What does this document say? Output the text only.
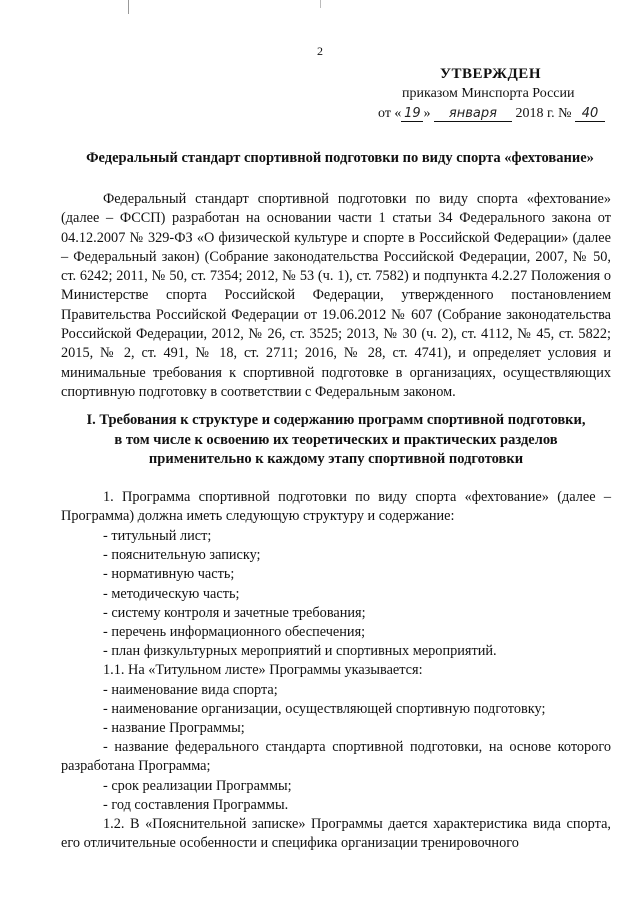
2
УТВЕРЖДЕН
приказом Минспорта России
от « 19 » января 2018 г. № 40
Федеральный стандарт спортивной подготовки по виду спорта «фехтование»

Федеральный стандарт спортивной подготовки по виду спорта «фехтование» (далее – ФССП) разработан на основании части 1 статьи 34 Федерального закона от 04.12.2007 № 329-ФЗ «О физической культуре и спорте в Российской Федерации» (далее – Федеральный закон) (Собрание законодательства Российской Федерации, 2007, № 50, ст. 6242; 2011, № 50, ст. 7354; 2012, № 53 (ч. 1), ст. 7582) и подпункта 4.2.27 Положения о Министерстве спорта Российской Федерации, утвержденного постановлением Правительства Российской Федерации от 19.06.2012 № 607 (Собрание законодательства Российской Федерации, 2012, № 26, ст. 3525; 2013, № 30 (ч. 2), ст. 4112, № 45, ст. 5822; 2015, № 2, ст. 491, № 18, ст. 2711; 2016, № 28, ст. 4741), и определяет условия и минимальные требования к спортивной подготовке в организациях, осуществляющих спортивную подготовку в соответствии с Федеральным законом.

I. Требования к структуре и содержанию программ спортивной подготовки,
в том числе к освоению их теоретических и практических разделов
применительно к каждому этапу спортивной подготовки

1. Программа спортивной подготовки по виду спорта «фехтование» (далее – Программа) должна иметь следующую структуру и содержание:

- титульный лист;
- пояснительную записку;
- нормативную часть;
- методическую часть;
- систему контроля и зачетные требования;
- перечень информационного обеспечения;
- план физкультурных мероприятий и спортивных мероприятий.
1.1. На «Титульном листе» Программы указывается:
- наименование вида спорта;
- наименование организации, осуществляющей спортивную подготовку;
- название Программы;
- название федерального стандарта спортивной подготовки, на основе которого разработана Программа;
- срок реализации Программы;
- год составления Программы.
1.2. В «Пояснительной записке» Программы дается характеристика вида спорта, его отличительные особенности и специфика организации тренировочного
